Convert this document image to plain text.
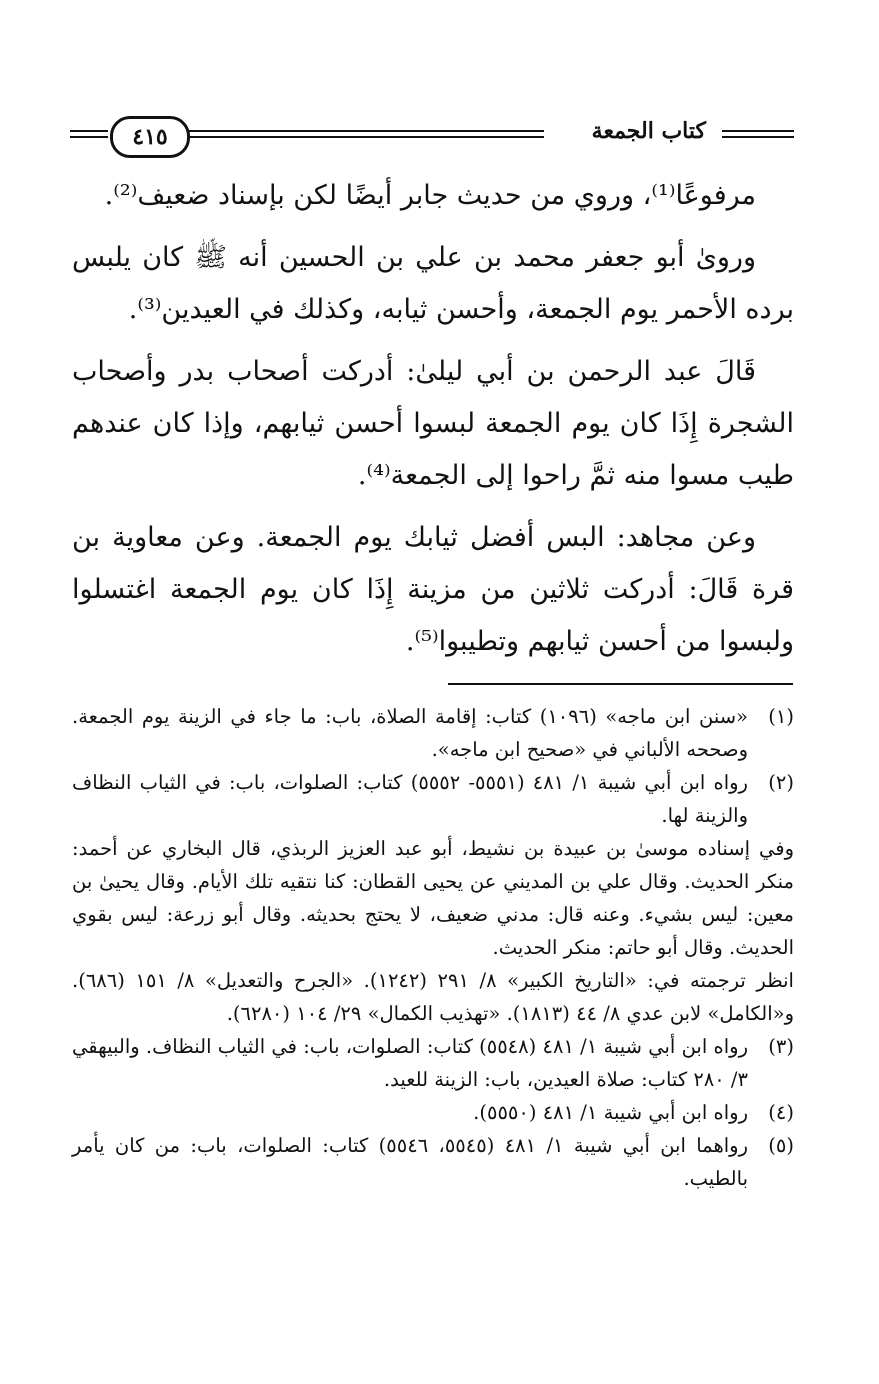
كتاب الجمعة
٤١٥

مرفوعًا⁽¹⁾، وروي من حديث جابر أيضًا لكن بإسناد ضعيف⁽²⁾.

وروىٰ أبو جعفر محمد بن علي بن الحسين أنه ﷺ كان يلبس برده الأحمر يوم الجمعة، وأحسن ثيابه، وكذلك في العيدين⁽³⁾.

قَالَ عبد الرحمن بن أبي ليلىٰ: أدركت أصحاب بدر وأصحاب الشجرة إِذَا كان يوم الجمعة لبسوا أحسن ثيابهم، وإذا كان عندهم طيب مسوا منه ثمَّ راحوا إلى الجمعة⁽⁴⁾.

وعن مجاهد: البس أفضل ثيابك يوم الجمعة. وعن معاوية بن قرة قَالَ: أدركت ثلاثين من مزينة إِذَا كان يوم الجمعة اغتسلوا ولبسوا من أحسن ثيابهم وتطيبوا⁽⁵⁾.

(١)
«سنن ابن ماجه» (١٠٩٦) كتاب: إقامة الصلاة، باب: ما جاء في الزينة يوم الجمعة. وصححه الألباني في «صحيح ابن ماجه».
(٢)
رواه ابن أبي شيبة ١/ ٤٨١ (٥٥٥١- ٥٥٥٢) كتاب: الصلوات، باب: في الثياب النظاف والزينة لها.

وفي إسناده موسىٰ بن عبيدة بن نشيط، أبو عبد العزيز الربذي، قال البخاري عن أحمد: منكر الحديث. وقال علي بن المديني عن يحيى القطان: كنا نتقيه تلك الأيام. وقال يحيىٰ بن معين: ليس بشيء. وعنه قال: مدني ضعيف، لا يحتج بحديثه. وقال أبو زرعة: ليس بقوي الحديث. وقال أبو حاتم: منكر الحديث.

انظر ترجمته في: «التاريخ الكبير» ٨/ ٢٩١ (١٢٤٢). «الجرح والتعديل» ٨/ ١٥١ (٦٨٦). و«الكامل» لابن عدي ٨/ ٤٤ (١٨١٣). «تهذيب الكمال» ٢٩/ ١٠٤ (٦٢٨٠).

(٣)
رواه ابن أبي شيبة ١/ ٤٨١ (٥٥٤٨) كتاب: الصلوات، باب: في الثياب النظاف. والبيهقي ٣/ ٢٨٠ كتاب: صلاة العيدين، باب: الزينة للعيد.
(٤)
رواه ابن أبي شيبة ١/ ٤٨١ (٥٥٥٠).
(٥)
رواهما ابن أبي شيبة ١/ ٤٨١ (٥٥٤٥، ٥٥٤٦) كتاب: الصلوات، باب: من كان يأمر بالطيب.
